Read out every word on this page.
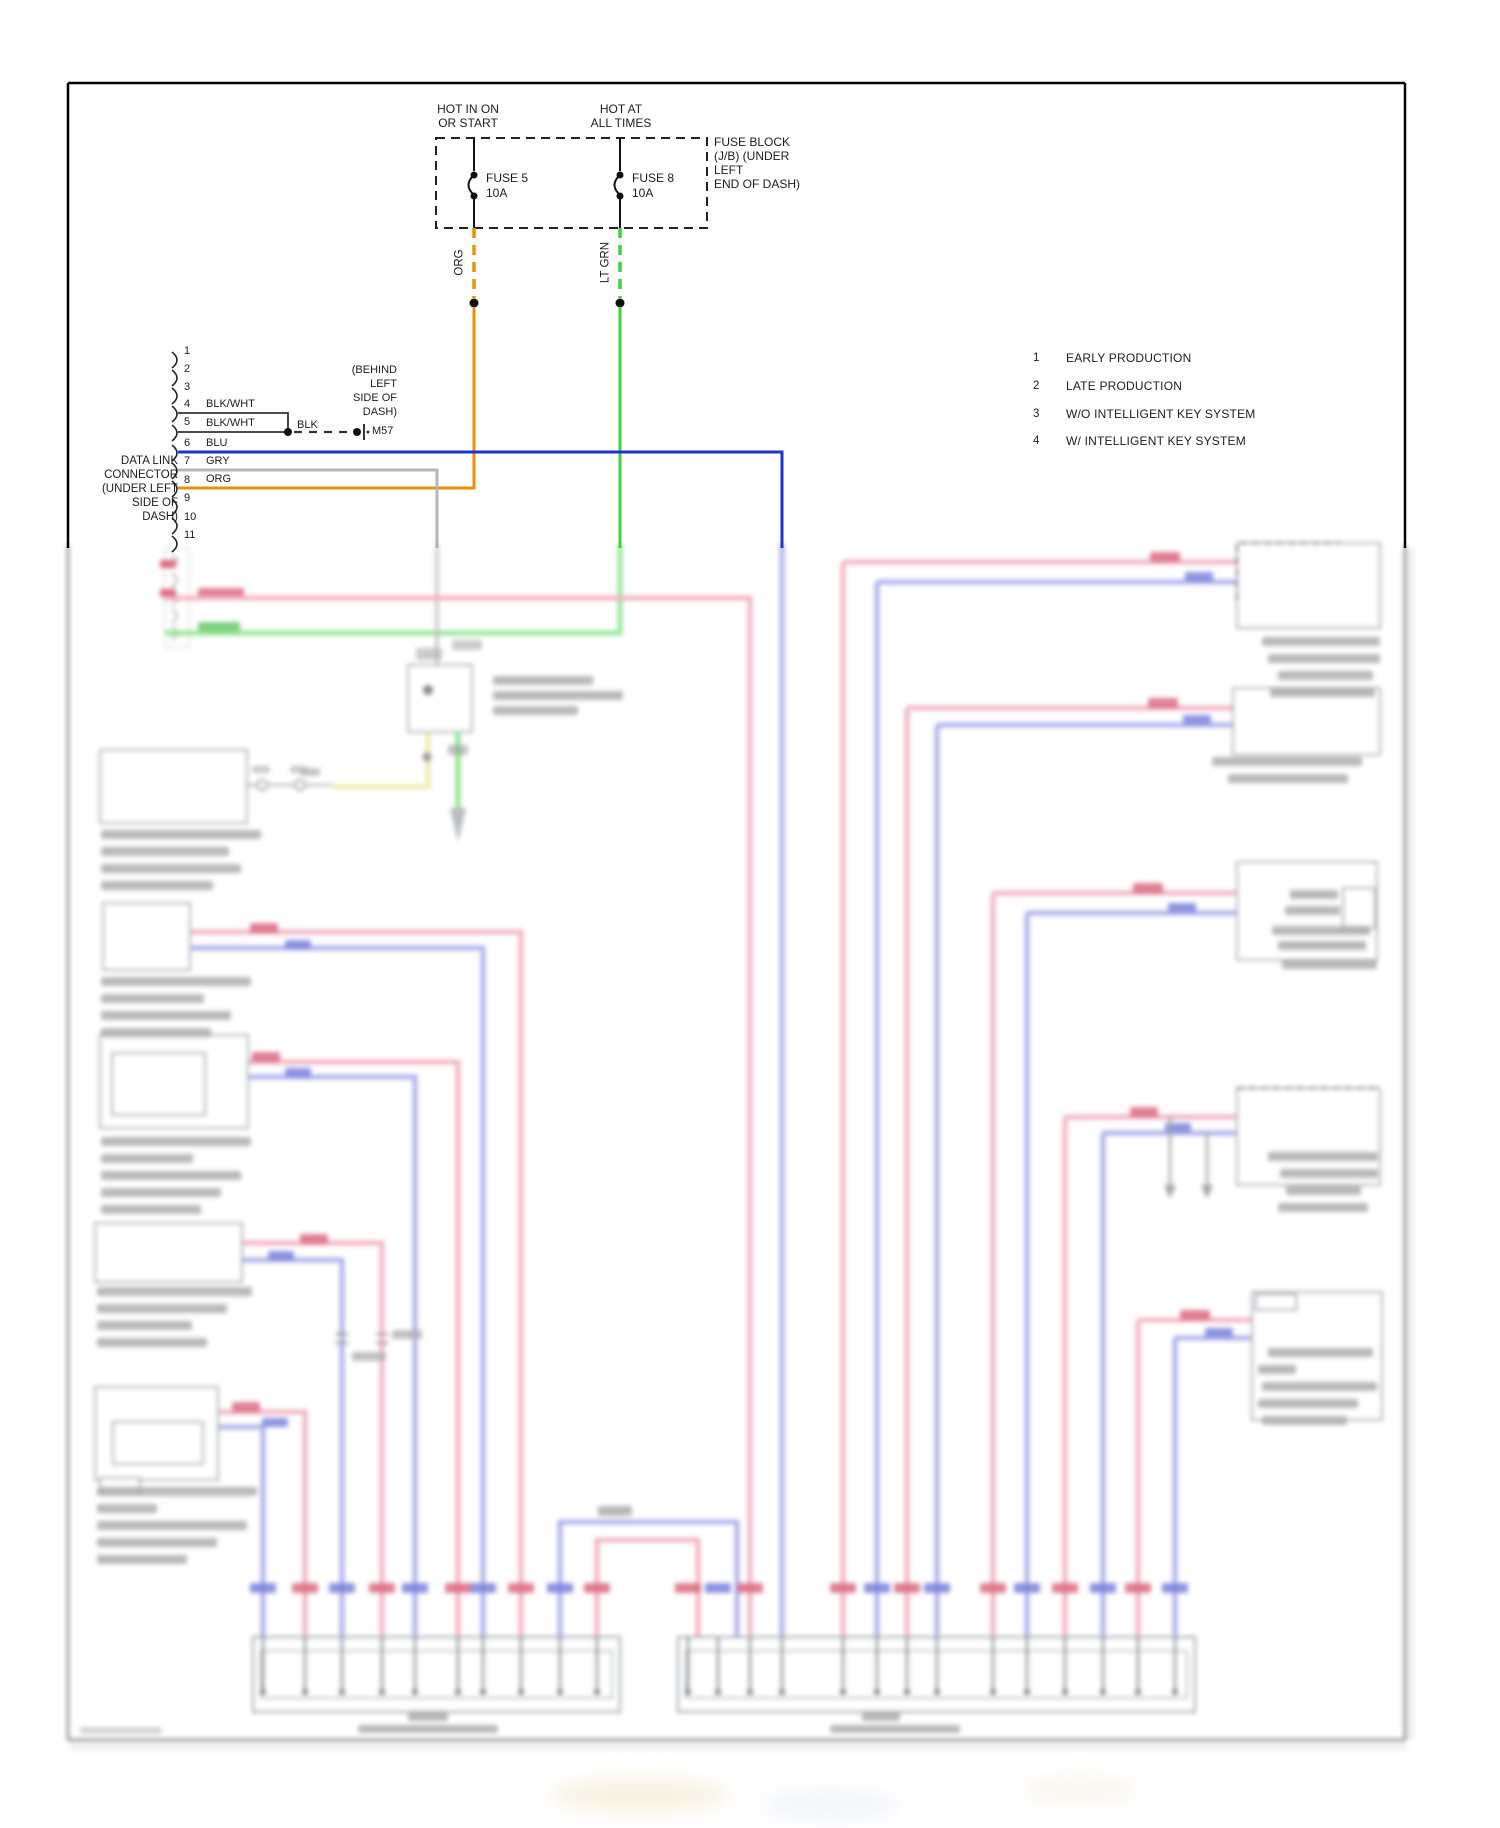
HOT IN ON
OR START
HOT AT
ALL TIMES
FUSE BLOCK
(J/B) (UNDER
LEFT
END OF DASH)
FUSE 5
10A
FUSE 8
10A
ORG	LT GRN
DATA LINK
CONNECTOR
(UNDER LEFT
SIDE OF
DASH)
1
2
3
4
5
6
7
8
9
10
11
BLK/WHT
BLK/WHT
BLU
GRY
ORG
BLK	M57
(BEHIND
LEFT
SIDE OF
DASH)
1 EARLY PRODUCTION
2 LATE PRODUCTION
3 W/O INTELLIGENT KEY SYSTEM
4 W/ INTELLIGENT KEY SYSTEM
